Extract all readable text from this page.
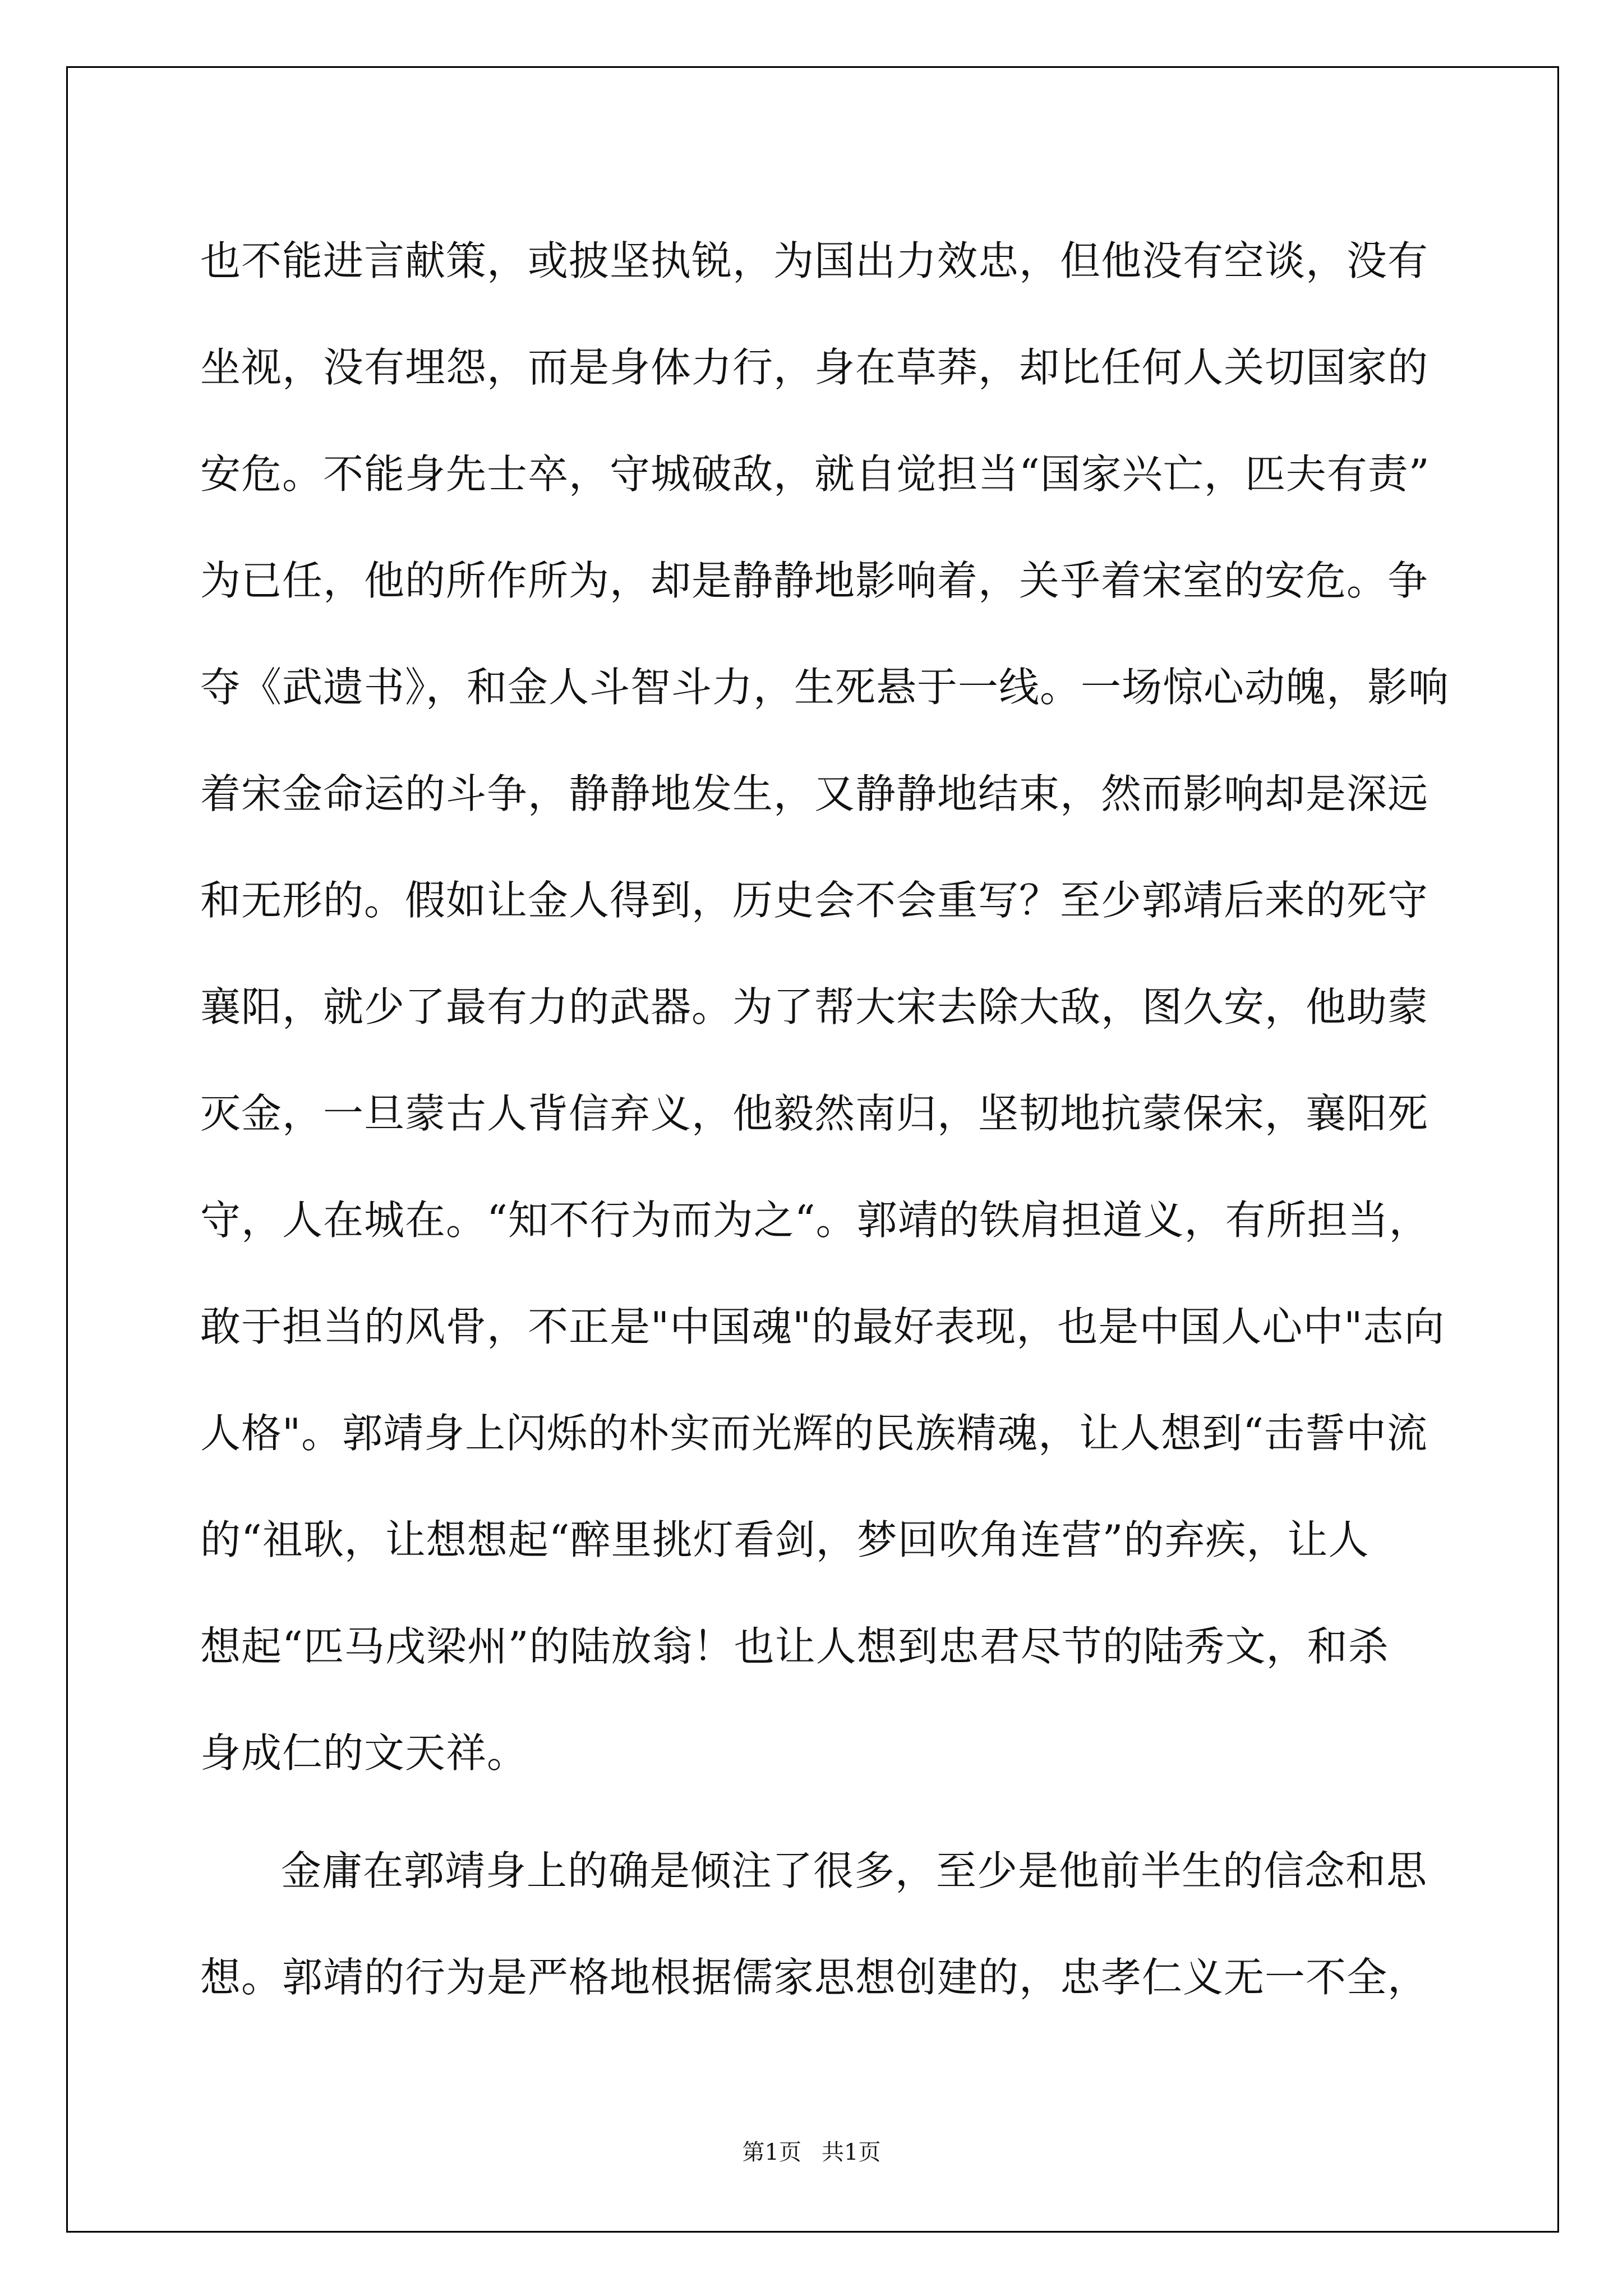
也不能进言献策，或披坚执锐，为国出力效忠，但他没有空谈，没有
坐视，没有埋怨，而是身体力行，身在草莽，却比任何人关切国家的
安危。不能身先士卒，守城破敌，就自觉担当“国家兴亡，匹夫有责”
为已任，他的所作所为，却是静静地影响着，关乎着宋室的安危。争
夺《武遗书》，和金人斗智斗力，生死悬于一线。一场惊心动魄，影响
着宋金命运的斗争，静静地发生，又静静地结束，然而影响却是深远
和无形的。假如让金人得到，历史会不会重写？至少郭靖后来的死守
襄阳，就少了最有力的武器。为了帮大宋去除大敌，图久安，他助蒙
灭金，一旦蒙古人背信弃义，他毅然南归，坚韧地抗蒙保宋，襄阳死
守，人在城在。“知不行为而为之“。郭靖的铁肩担道义，有所担当，
敢于担当的风骨，不正是"中国魂"的最好表现，也是中国人心中"志向
人格"。郭靖身上闪烁的朴实而光辉的民族精魂，让人想到“击誓中流
的“祖耿，让想想起“醉里挑灯看剑，梦回吹角连营”的弃疾，让人
想起“匹马戌梁州”的陆放翁！也让人想到忠君尽节的陆秀文，和杀
身成仁的文天祥。
金庸在郭靖身上的确是倾注了很多，至少是他前半生的信念和思
想。郭靖的行为是严格地根据儒家思想创建的，忠孝仁义无一不全，
第1页 共1页
